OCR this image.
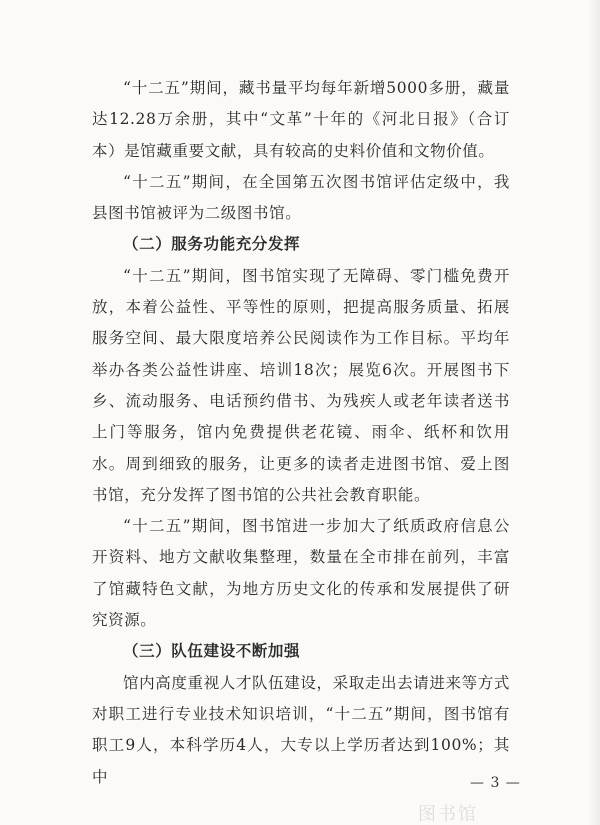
“十二五”期间，藏书量平均每年新增5000多册，藏量达12.28万余册，其中“文革”十年的《河北日报》（合订本）是馆藏重要文献，具有较高的史料价值和文物价值。

“十二五”期间，在全国第五次图书馆评估定级中，我县图书馆被评为二级图书馆。

（二）服务功能充分发挥

“十二五”期间，图书馆实现了无障碍、零门槛免费开放，本着公益性、平等性的原则，把提高服务质量、拓展服务空间、最大限度培养公民阅读作为工作目标。平均年举办各类公益性讲座、培训18次；展览6次。开展图书下乡、流动服务、电话预约借书、为残疾人或老年读者送书上门等服务，馆内免费提供老花镜、雨伞、纸杯和饮用水。周到细致的服务，让更多的读者走进图书馆、爱上图书馆，充分发挥了图书馆的公共社会教育职能。

“十二五”期间，图书馆进一步加大了纸质政府信息公开资料、地方文献收集整理，数量在全市排在前列，丰富了馆藏特色文献，为地方历史文化的传承和发展提供了研究资源。

（三）队伍建设不断加强

馆内高度重视人才队伍建设，采取走出去请进来等方式对职工进行专业技术知识培训，“十二五”期间，图书馆有职工9人，本科学历4人，大专以上学历者达到100%；其中	— 3 —
图书馆
